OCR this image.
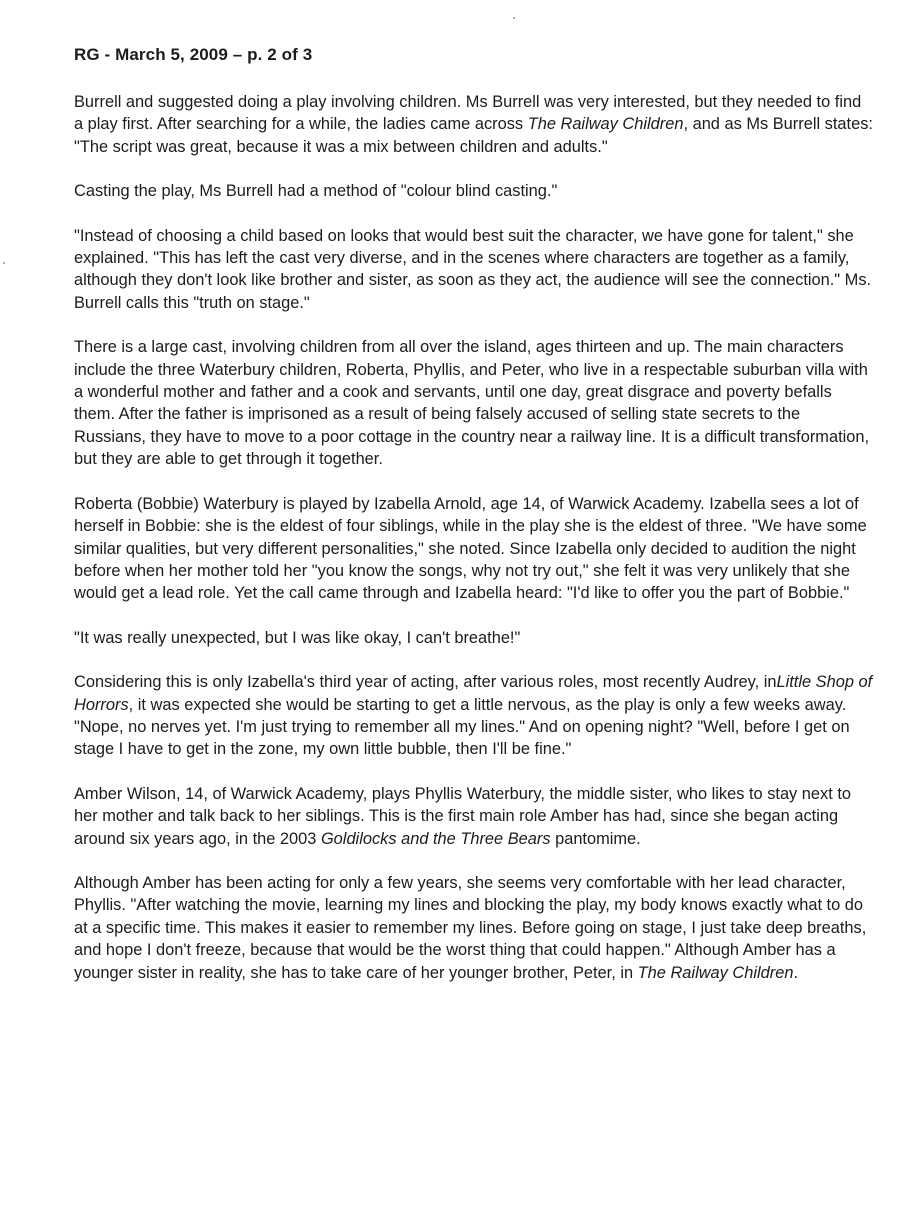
RG - March 5, 2009 – p. 2 of 3

Burrell and suggested doing a play involving children. Ms Burrell was very interested, but they needed to find a play first. After searching for a while, the ladies came across The Railway Children, and as Ms Burrell states: "The script was great, because it was a mix between children and adults."

Casting the play, Ms Burrell had a method of "colour blind casting."

"Instead of choosing a child based on looks that would best suit the character, we have gone for talent," she explained. "This has left the cast very diverse, and in the scenes where characters are together as a family, although they don't look like brother and sister, as soon as they act, the audience will see the connection." Ms. Burrell calls this "truth on stage."

There is a large cast, involving children from all over the island, ages thirteen and up. The main characters include the three Waterbury children, Roberta, Phyllis, and Peter, who live in a respectable suburban villa with a wonderful mother and father and a cook and servants, until one day, great disgrace and poverty befalls them. After the father is imprisoned as a result of being falsely accused of selling state secrets to the Russians, they have to move to a poor cottage in the country near a railway line. It is a difficult transformation, but they are able to get through it together.

Roberta (Bobbie) Waterbury is played by Izabella Arnold, age 14, of Warwick Academy. Izabella sees a lot of herself in Bobbie: she is the eldest of four siblings, while in the play she is the eldest of three. "We have some similar qualities, but very different personalities," she noted. Since Izabella only decided to audition the night before when her mother told her "you know the songs, why not try out," she felt it was very unlikely that she would get a lead role. Yet the call came through and Izabella heard: "I'd like to offer you the part of Bobbie."

"It was really unexpected, but I was like okay, I can't breathe!"

Considering this is only Izabella's third year of acting, after various roles, most recently Audrey, inLittle Shop of Horrors, it was expected she would be starting to get a little nervous, as the play is only a few weeks away. "Nope, no nerves yet. I'm just trying to remember all my lines." And on opening night? "Well, before I get on stage I have to get in the zone, my own little bubble, then I'll be fine."

Amber Wilson, 14, of Warwick Academy, plays Phyllis Waterbury, the middle sister, who likes to stay next to her mother and talk back to her siblings. This is the first main role Amber has had, since she began acting around six years ago, in the 2003 Goldilocks and the Three Bears pantomime.

Although Amber has been acting for only a few years, she seems very comfortable with her lead character, Phyllis. "After watching the movie, learning my lines and blocking the play, my body knows exactly what to do at a specific time. This makes it easier to remember my lines. Before going on stage, I just take deep breaths, and hope I don't freeze, because that would be the worst thing that could happen." Although Amber has a younger sister in reality, she has to take care of her younger brother, Peter, in The Railway Children.
